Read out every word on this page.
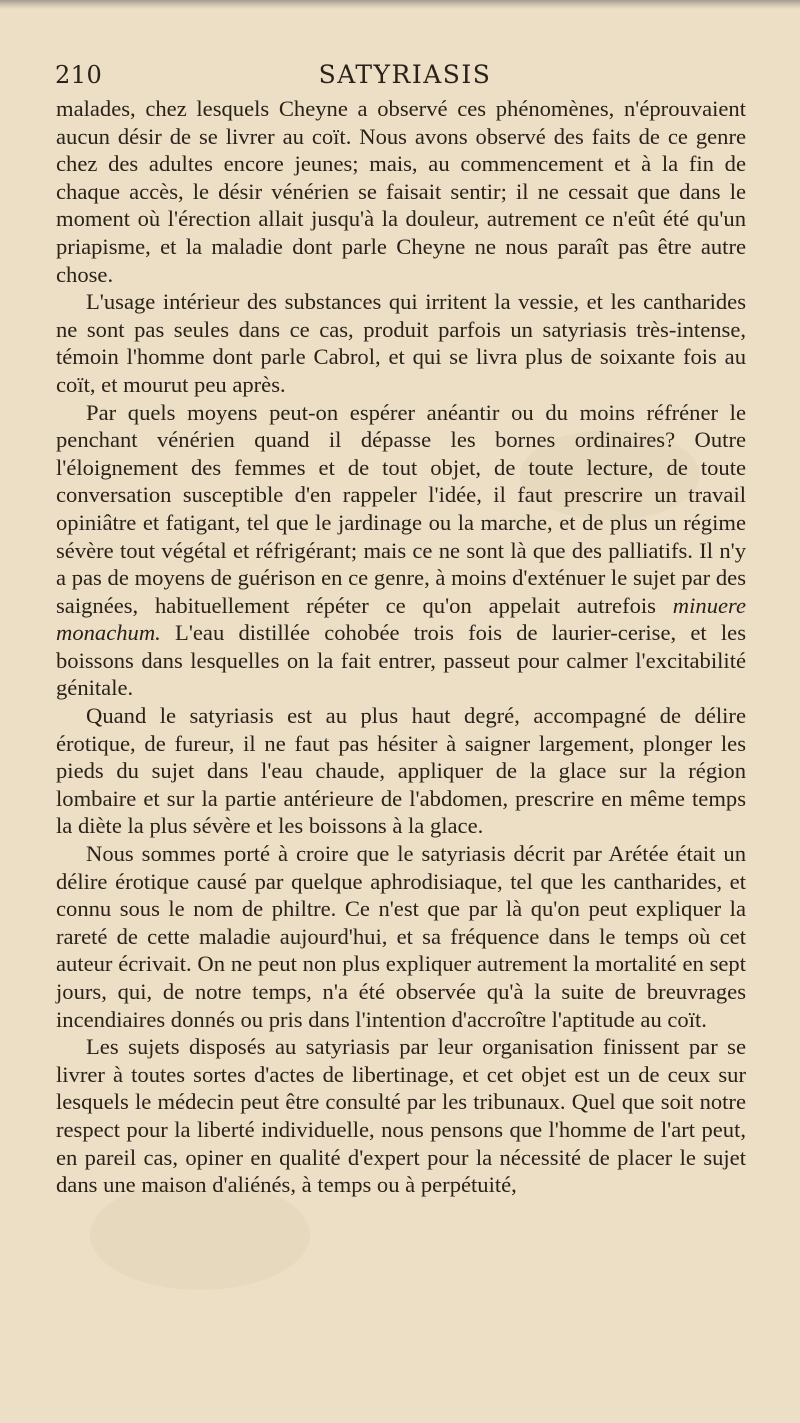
210	SATYRIASIS

malades, chez lesquels Cheyne a observé ces phénomènes, n'éprouvaient aucun désir de se livrer au coït. Nous avons observé des faits de ce genre chez des adultes encore jeunes; mais, au commencement et à la fin de chaque accès, le désir vénérien se faisait sentir; il ne cessait que dans le moment où l'érection allait jusqu'à la douleur, autrement ce n'eût été qu'un priapisme, et la maladie dont parle Cheyne ne nous paraît pas être autre chose.

L'usage intérieur des substances qui irritent la vessie, et les cantharides ne sont pas seules dans ce cas, produit parfois un satyriasis très-intense, témoin l'homme dont parle Cabrol, et qui se livra plus de soixante fois au coït, et mourut peu après.

Par quels moyens peut-on espérer anéantir ou du moins réfréner le penchant vénérien quand il dépasse les bornes ordinaires? Outre l'éloignement des femmes et de tout objet, de toute lecture, de toute conversation susceptible d'en rappeler l'idée, il faut prescrire un travail opiniâtre et fatigant, tel que le jardinage ou la marche, et de plus un régime sévère tout végétal et réfrigérant; mais ce ne sont là que des palliatifs. Il n'y a pas de moyens de guérison en ce genre, à moins d'exténuer le sujet par des saignées, habituellement répéter ce qu'on appelait autrefois minuere monachum. L'eau distillée cohobée trois fois de laurier-cerise, et les boissons dans lesquelles on la fait entrer, passeut pour calmer l'excitabilité génitale.

Quand le satyriasis est au plus haut degré, accompagné de délire érotique, de fureur, il ne faut pas hésiter à saigner largement, plonger les pieds du sujet dans l'eau chaude, appliquer de la glace sur la région lombaire et sur la partie antérieure de l'abdomen, prescrire en même temps la diète la plus sévère et les boissons à la glace.

Nous sommes porté à croire que le satyriasis décrit par Arétée était un délire érotique causé par quelque aphrodisiaque, tel que les cantharides, et connu sous le nom de philtre. Ce n'est que par là qu'on peut expliquer la rareté de cette maladie aujourd'hui, et sa fréquence dans le temps où cet auteur écrivait. On ne peut non plus expliquer autrement la mortalité en sept jours, qui, de notre temps, n'a été observée qu'à la suite de breuvrages incendiaires donnés ou pris dans l'intention d'accroître l'aptitude au coït.

Les sujets disposés au satyriasis par leur organisation finissent par se livrer à toutes sortes d'actes de libertinage, et cet objet est un de ceux sur lesquels le médecin peut être consulté par les tribunaux. Quel que soit notre respect pour la liberté individuelle, nous pensons que l'homme de l'art peut, en pareil cas, opiner en qualité d'expert pour la nécessité de placer le sujet dans une maison d'aliénés, à temps ou à perpétuité,
